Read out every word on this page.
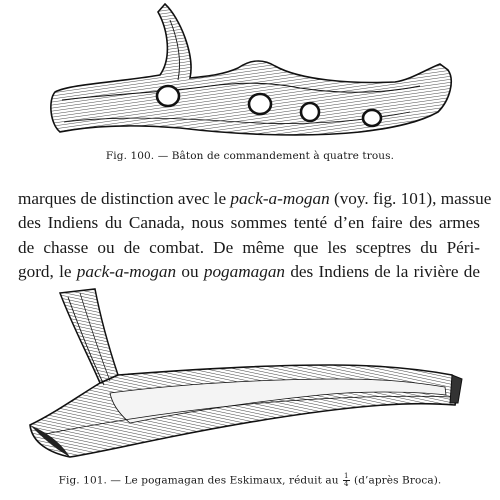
Fig. 100. — Bâton de commandement à quatre trous.
marques de distinction avec le pack-a-mogan (voy. fig. 101), massue
des Indiens du Canada, nous sommes tenté d’en faire des armes
de chasse ou de combat. De même que les sceptres du Péri-
gord, le pack-a-mogan ou pogamagan des Indiens de la rivière de
Fig. 101. — Le pogamagan des Eskimaux, réduit au $\frac{1}{4}$ (d’après Broca).
